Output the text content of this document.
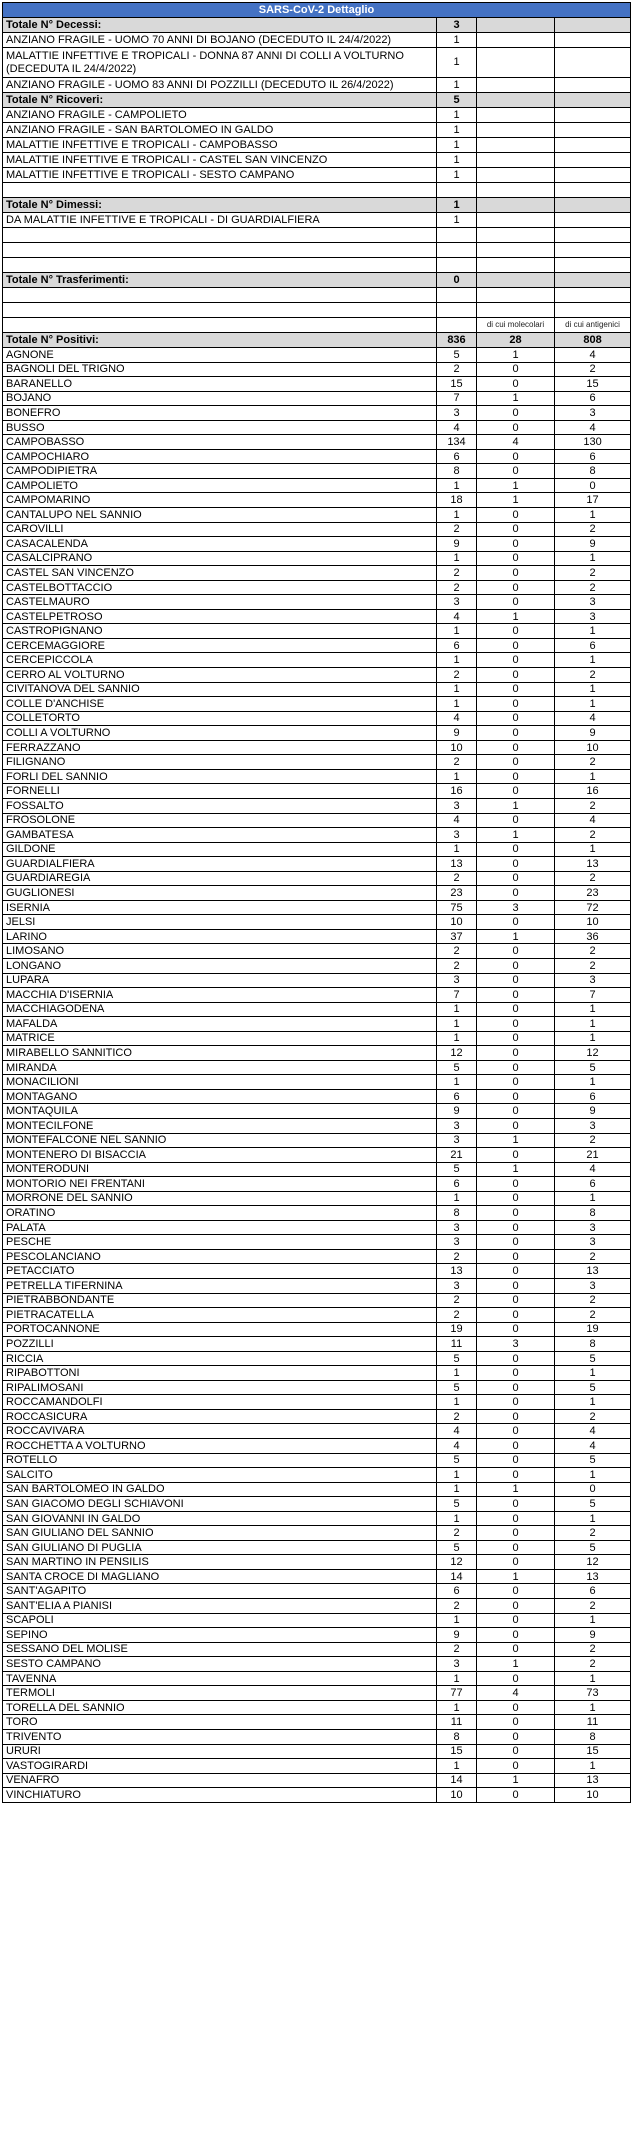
SARS-CoV-2 Dettaglio			
Totale N° Decessi:	3		
ANZIANO FRAGILE - UOMO 70 ANNI DI BOJANO (DECEDUTO IL 24/4/2022)	1		
MALATTIE INFETTIVE E TROPICALI - DONNA 87 ANNI DI COLLI A VOLTURNO (DECEDUTA IL 24/4/2022)	1		
ANZIANO FRAGILE - UOMO 83 ANNI DI POZZILLI (DECEDUTO IL 26/4/2022)	1		
Totale N° Ricoveri:	5		
ANZIANO FRAGILE - CAMPOLIETO	1		
ANZIANO FRAGILE - SAN BARTOLOMEO IN GALDO	1		
MALATTIE INFETTIVE E TROPICALI - CAMPOBASSO	1		
MALATTIE INFETTIVE E TROPICALI - CASTEL SAN VINCENZO	1		
MALATTIE INFETTIVE E TROPICALI - SESTO CAMPANO	1		

Totale N° Dimessi:	1		
DA MALATTIE INFETTIVE E TROPICALI - DI GUARDIALFIERA	1		

Totale N° Trasferimenti:	0		

		di cui molecolari	di cui antigenici
Totale N° Positivi:	836	28	808
AGNONE	5	1	4
BAGNOLI DEL TRIGNO	2	0	2
BARANELLO	15	0	15
BOJANO	7	1	6
BONEFRO	3	0	3
BUSSO	4	0	4
CAMPOBASSO	134	4	130
CAMPOCHIARO	6	0	6
CAMPODIPIETRA	8	0	8
CAMPOLIETO	1	1	0
CAMPOMARINO	18	1	17
CANTALUPO NEL SANNIO	1	0	1
CAROVILLI	2	0	2
CASACALENDA	9	0	9
CASALCIPRANO	1	0	1
CASTEL SAN VINCENZO	2	0	2
CASTELBOTTACCIO	2	0	2
CASTELMAURO	3	0	3
CASTELPETROSO	4	1	3
CASTROPIGNANO	1	0	1
CERCEMAGGIORE	6	0	6
CERCEPICCOLA	1	0	1
CERRO AL VOLTURNO	2	0	2
CIVITANOVA DEL SANNIO	1	0	1
COLLE D'ANCHISE	1	0	1
COLLETORTO	4	0	4
COLLI A VOLTURNO	9	0	9
FERRAZZANO	10	0	10
FILIGNANO	2	0	2
FORLI DEL SANNIO	1	0	1
FORNELLI	16	0	16
FOSSALTO	3	1	2
FROSOLONE	4	0	4
GAMBATESA	3	1	2
GILDONE	1	0	1
GUARDIALFIERA	13	0	13
GUARDIAREGIA	2	0	2
GUGLIONESI	23	0	23
ISERNIA	75	3	72
JELSI	10	0	10
LARINO	37	1	36
LIMOSANO	2	0	2
LONGANO	2	0	2
LUPARA	3	0	3
MACCHIA D'ISERNIA	7	0	7
MACCHIAGODENA	1	0	1
MAFALDA	1	0	1
MATRICE	1	0	1
MIRABELLO SANNITICO	12	0	12
MIRANDA	5	0	5
MONACILIONI	1	0	1
MONTAGANO	6	0	6
MONTAQUILA	9	0	9
MONTECILFONE	3	0	3
MONTEFALCONE NEL SANNIO	3	1	2
MONTENERO DI BISACCIA	21	0	21
MONTERODUNI	5	1	4
MONTORIO NEI FRENTANI	6	0	6
MORRONE DEL SANNIO	1	0	1
ORATINO	8	0	8
PALATA	3	0	3
PESCHE	3	0	3
PESCOLANCIANO	2	0	2
PETACCIATO	13	0	13
PETRELLA TIFERNINA	3	0	3
PIETRABBONDANTE	2	0	2
PIETRACATELLA	2	0	2
PORTOCANNONE	19	0	19
POZZILLI	11	3	8
RICCIA	5	0	5
RIPABOTTONI	1	0	1
RIPALIMOSANI	5	0	5
ROCCAMANDOLFI	1	0	1
ROCCASICURA	2	0	2
ROCCAVIVARA	4	0	4
ROCCHETTA A VOLTURNO	4	0	4
ROTELLO	5	0	5
SALCITO	1	0	1
SAN BARTOLOMEO IN GALDO	1	1	0
SAN GIACOMO DEGLI SCHIAVONI	5	0	5
SAN GIOVANNI IN GALDO	1	0	1
SAN GIULIANO DEL SANNIO	2	0	2
SAN GIULIANO DI PUGLIA	5	0	5
SAN MARTINO IN PENSILIS	12	0	12
SANTA CROCE DI MAGLIANO	14	1	13
SANT'AGAPITO	6	0	6
SANT'ELIA A PIANISI	2	0	2
SCAPOLI	1	0	1
SEPINO	9	0	9
SESSANO DEL MOLISE	2	0	2
SESTO CAMPANO	3	1	2
TAVENNA	1	0	1
TERMOLI	77	4	73
TORELLA DEL SANNIO	1	0	1
TORO	11	0	11
TRIVENTO	8	0	8
URURI	15	0	15
VASTOGIRARDI	1	0	1
VENAFRO	14	1	13
VINCHIATURO	10	0	10
